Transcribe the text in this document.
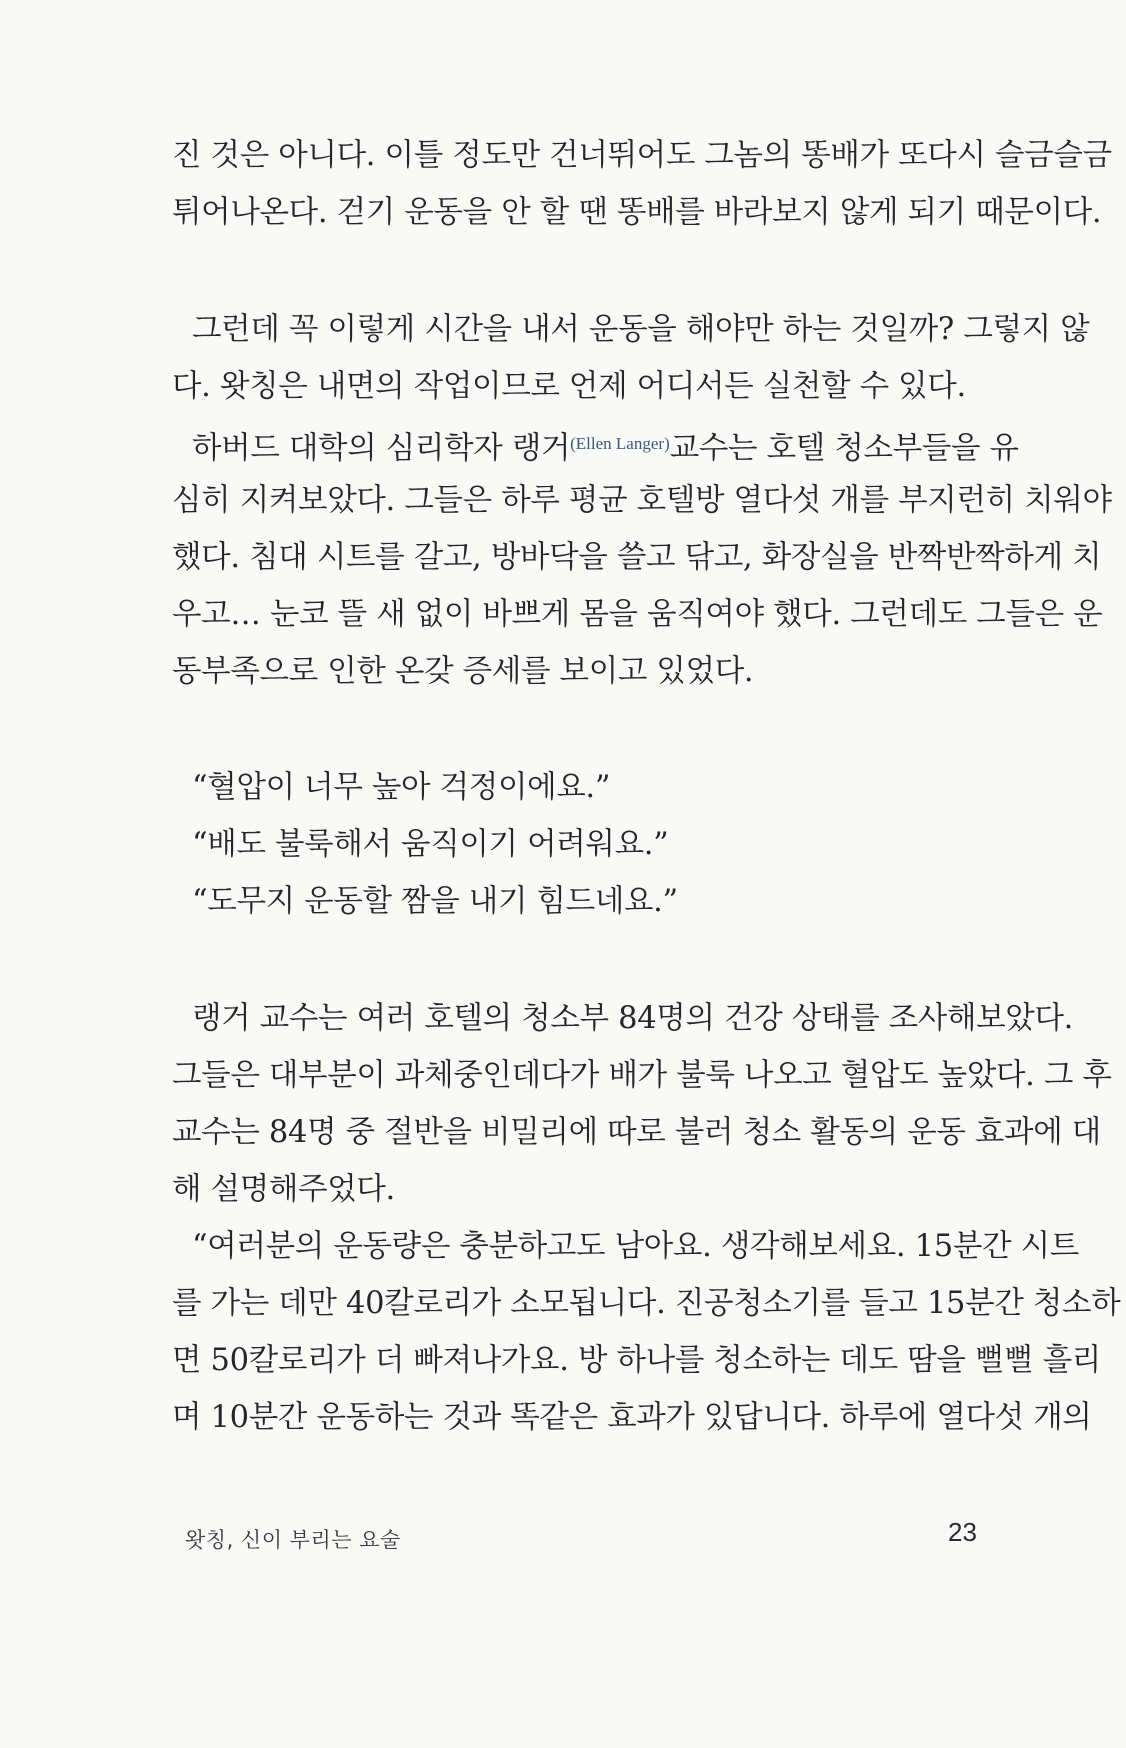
진 것은 아니다. 이틀 정도만 건너뛰어도 그놈의 똥배가 또다시 슬금슬금
튀어나온다. 걷기 운동을 안 할 땐 똥배를 바라보지 않게 되기 때문이다.
그런데 꼭 이렇게 시간을 내서 운동을 해야만 하는 것일까? 그렇지 않
다. 왓칭은 내면의 작업이므로 언제 어디서든 실천할 수 있다.
하버드 대학의 심리학자 랭거$^{(Ellen Langer)}$ 교수는 호텔 청소부들을 유
심히 지켜보았다. 그들은 하루 평균 호텔방 열다섯 개를 부지런히 치워야
했다. 침대 시트를 갈고, 방바닥을 쓸고 닦고, 화장실을 반짝반짝하게 치
우고… 눈코 뜰 새 없이 바쁘게 몸을 움직여야 했다. 그런데도 그들은 운
동부족으로 인한 온갖 증세를 보이고 있었다.
“혈압이 너무 높아 걱정이에요.”
“배도 불룩해서 움직이기 어려워요.”
“도무지 운동할 짬을 내기 힘드네요.”
랭거 교수는 여러 호텔의 청소부 84명의 건강 상태를 조사해보았다.
그들은 대부분이 과체중인데다가 배가 불룩 나오고 혈압도 높았다. 그 후
교수는 84명 중 절반을 비밀리에 따로 불러 청소 활동의 운동 효과에 대
해 설명해주었다.
“여러분의 운동량은 충분하고도 남아요. 생각해보세요. 15분간 시트
를 가는 데만 40칼로리가 소모됩니다. 진공청소기를 들고 15분간 청소하
면 50칼로리가 더 빠져나가요. 방 하나를 청소하는 데도 땀을 뻘뻘 흘리
며 10분간 운동하는 것과 똑같은 효과가 있답니다. 하루에 열다섯 개의
왓칭, 신이 부리는 요술	23
